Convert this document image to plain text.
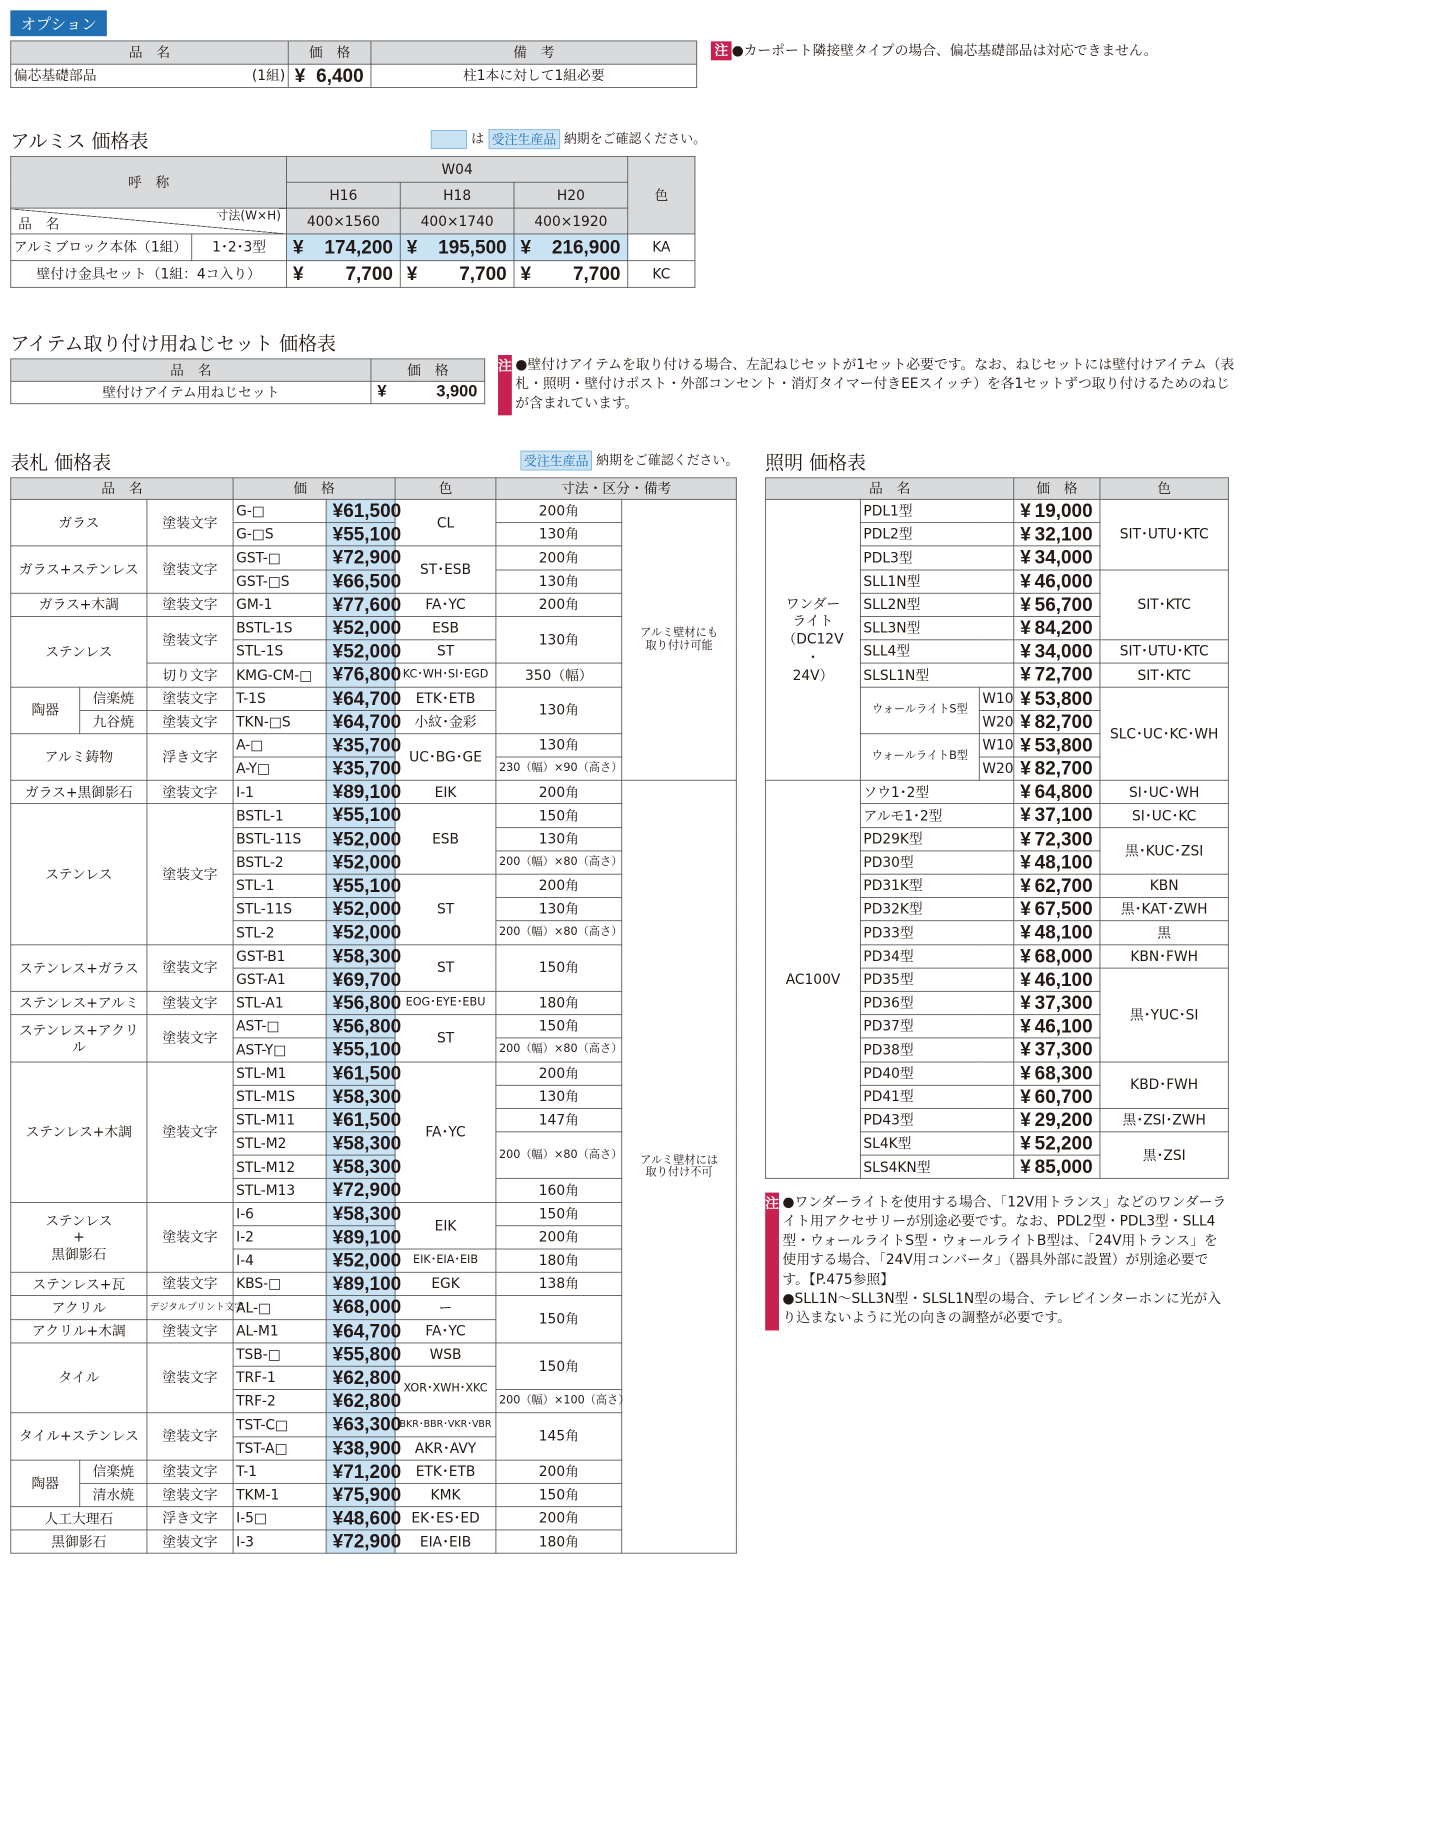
オプション
品　名	価　格	備　考
偏芯基礎部品 (1組)	¥ 6,400	柱1本に対して1組必要
注 ●カーポート隣接壁タイプの場合、偏芯基礎部品は対応できません。
アルミス 価格表	は 受注生産品 納期をご確認ください。
呼　称		W04			色
		H16	H18	H20	

品　名 寸法(W×H)		400×1560	400×1740	400×1920	
アルミブロック本体（1組）	1･2･3型	¥ 174,200	¥ 195,500	¥ 216,900	KA
壁付け金具セット（1組：4コ入り）		¥ 7,700	¥ 7,700	¥ 7,700	KC
アイテム取り付け用ねじセット 価格表
品　名	価　格
壁付けアイテム用ねじセット	¥ 3,900
注 ●壁付けアイテムを取り付ける場合、左記ねじセットが1セット必要です。なお、ねじセットには壁付けアイテム（表札・照明・壁付けポスト・外部コンセント・消灯タイマー付きEEスイッチ）を各1セットずつ取り付けるためのねじが含まれています。
表札 価格表	受注生産品 納期をご確認ください。
品　名			価　格		色	寸法・区分・備考	
ガラス		塗装文字	G-□	¥ 61,500	CL	200角	アルミ壁材にも
取り付け可能
			G-□S	¥ 55,100		130角	
ガラス+ステンレス		塗装文字	GST-□	¥ 72,900	ST･ESB	200角	
			GST-□S	¥ 66,500		130角	
ガラス+木調		塗装文字	GM-1	¥ 77,600	FA･YC	200角	
ステンレス		塗装文字	BSTL-1S	¥ 52,000	ESB	130角	
			STL-1S	¥ 52,000	ST		
		切り文字	KMG-CM-□	¥ 76,800	KC･WH･SI･EGD	350（幅）	
陶器	信楽焼	塗装文字	T-1S	¥ 64,700	ETK･ETB	130角	
	九谷焼	塗装文字	TKN-□S	¥ 64,700	小紋･金彩		
アルミ鋳物		浮き文字	A-□	¥ 35,700	UC･BG･GE	130角	
			A-Y□	¥ 35,700		230（幅）×90（高さ）	
ガラス+黒御影石		塗装文字	I-1	¥ 89,100	EIK	200角	アルミ壁材には
取り付け不可
ステンレス		塗装文字	BSTL-1	¥ 55,100	ESB	150角	
			BSTL-11S	¥ 52,000		130角	
			BSTL-2	¥ 52,000		200（幅）×80（高さ）	
			STL-1	¥ 55,100	ST	200角	
			STL-11S	¥ 52,000		130角	
			STL-2	¥ 52,000		200（幅）×80（高さ）	
ステンレス+ガラス		塗装文字	GST-B1	¥ 58,300	ST	150角	
			GST-A1	¥ 69,700			
ステンレス+アルミ		塗装文字	STL-A1	¥ 56,800	EOG･EYE･EBU	180角	
ステンレス+アクリル		塗装文字	AST-□	¥ 56,800	ST	150角	
			AST-Y□	¥ 55,100		200（幅）×80（高さ）	
ステンレス+木調		塗装文字	STL-M1	¥ 61,500	FA･YC	200角	
			STL-M1S	¥ 58,300		130角	
			STL-M11	¥ 61,500		147角	
			STL-M2	¥ 58,300		200（幅）×80（高さ）	
			STL-M12	¥ 58,300			
			STL-M13	¥ 72,900		160角	
ステンレス
+
黒御影石		塗装文字	I-6	¥ 58,300	EIK	150角	
			I-2	¥ 89,100		200角	
			I-4	¥ 52,000	EIK･EIA･EIB	180角	
ステンレス+瓦		塗装文字	KBS-□	¥ 89,100	EGK	138角	
アクリル		デジタルプリント文字	AL-□	¥ 68,000	ー	150角	
アクリル+木調		塗装文字	AL-M1	¥ 64,700	FA･YC		
タイル		塗装文字	TSB-□	¥ 55,800	WSB	150角	
			TRF-1	¥ 62,800	XOR･XWH･XKC		
			TRF-2	¥ 62,800		200（幅）×100（高さ）	
タイル+ステンレス		塗装文字	TST-C□	¥ 63,300	BKR･BBR･VKR･VBR	145角	
			TST-A□	¥ 38,900	AKR･AVY		
陶器	信楽焼	塗装文字	T-1	¥ 71,200	ETK･ETB	200角	
	清水焼	塗装文字	TKM-1	¥ 75,900	KMK	150角	
人工大理石		浮き文字	I-5□	¥ 48,600	EK･ES･ED	200角	
黒御影石		塗装文字	I-3	¥ 72,900	EIA･EIB	180角	
照明 価格表
品　名			価　格	色
ワンダー
ライト
（DC12V
・
24V）	PDL1型		¥ 19,000	SIT･UTU･KTC
	PDL2型		¥ 32,100	
	PDL3型		¥ 34,000	
	SLL1N型		¥ 46,000	SIT･KTC
	SLL2N型		¥ 56,700	
	SLL3N型		¥ 84,200	
	SLL4型		¥ 34,000	SIT･UTU･KTC
	SLSL1N型		¥ 72,700	SIT･KTC
	ウォールライトS型	W10	¥ 53,800	SLC･UC･KC･WH
		W20	¥ 82,700	
	ウォールライトB型	W10	¥ 53,800	
		W20	¥ 82,700	
AC100V	ソウ1･2型		¥ 64,800	SI･UC･WH
	アルモ1･2型		¥ 37,100	SI･UC･KC
	PD29K型		¥ 72,300	黒･KUC･ZSI
	PD30型		¥ 48,100	
	PD31K型		¥ 62,700	KBN
	PD32K型		¥ 67,500	黒･KAT･ZWH
	PD33型		¥ 48,100	黒
	PD34型		¥ 68,000	KBN･FWH
	PD35型		¥ 46,100	黒･YUC･SI
	PD36型		¥ 37,300	
	PD37型		¥ 46,100	
	PD38型		¥ 37,300	
	PD40型		¥ 68,300	KBD･FWH
	PD41型		¥ 60,700	
	PD43型		¥ 29,200	黒･ZSI･ZWH
	SL4K型		¥ 52,200	黒･ZSI
	SLS4KN型		¥ 85,000	
注 ●ワンダーライトを使用する場合、「12V用トランス」などのワンダーライト用アクセサリーが別途必要です。なお、PDL2型・PDL3型・SLL4型・ウォールライトS型・ウォールライトB型は、「24V用トランス」を使用する場合、「24V用コンバータ」（器具外部に設置）が別途必要です。【P.475参照】
●SLL1N〜SLL3N型・SLSL1N型の場合、テレビインターホンに光が入り込まないように光の向きの調整が必要です。
